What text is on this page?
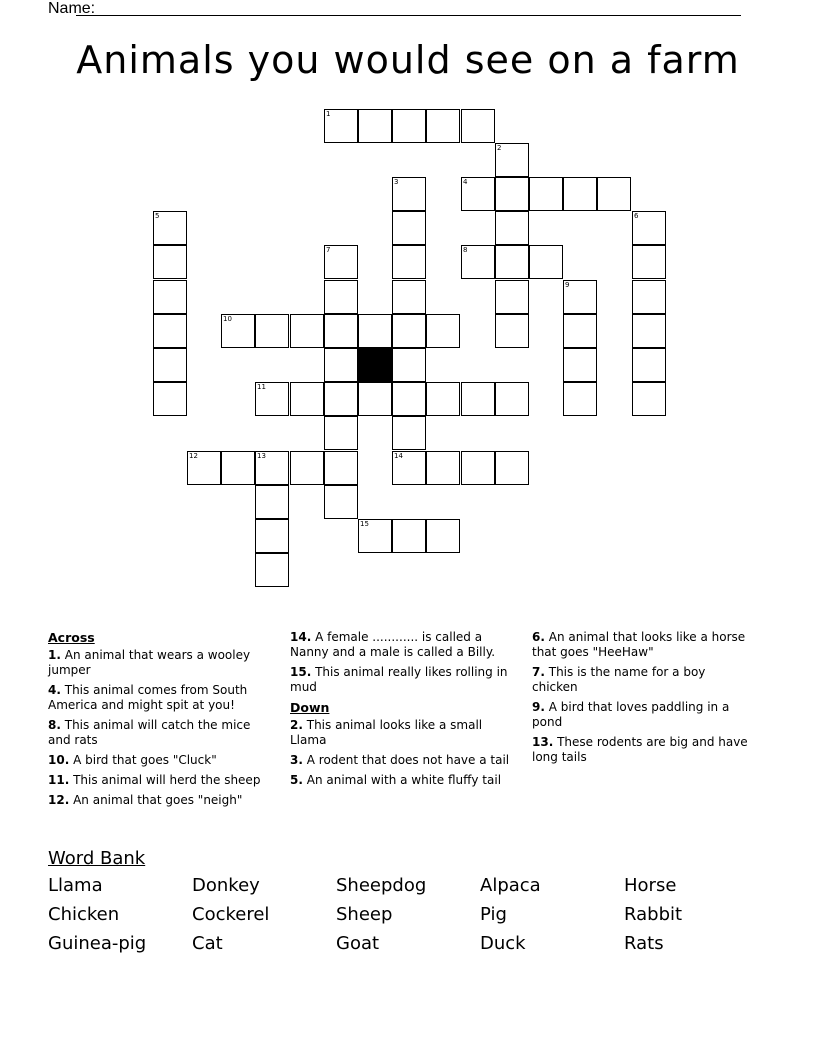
Name:
Animals you would see on a farm
1
2
3	4
5	6
7	8
9
10
11
12	13	14
15
Across
1. An animal that wears a wooley jumper
4. This animal comes from South America and might spit at you!
8. This animal will catch the mice and rats
10. A bird that goes "Cluck"
11. This animal will herd the sheep
12. An animal that goes "neigh"
14. A female ............ is called a Nanny and a male is called a Billy.
15. This animal really likes rolling in mud
Down
2. This animal looks like a small Llama
3. A rodent that does not have a tail
5. An animal with a white fluffy tail
6. An animal that looks like a horse that goes "HeeHaw"
7. This is the name for a boy chicken
9. A bird that loves paddling in a pond
13. These rodents are big and have long tails
Word Bank
Llama	Donkey	Sheepdog	Alpaca	Horse
Chicken	Cockerel	Sheep	Pig	Rabbit
Guinea-pig	Cat	Goat	Duck	Rats
